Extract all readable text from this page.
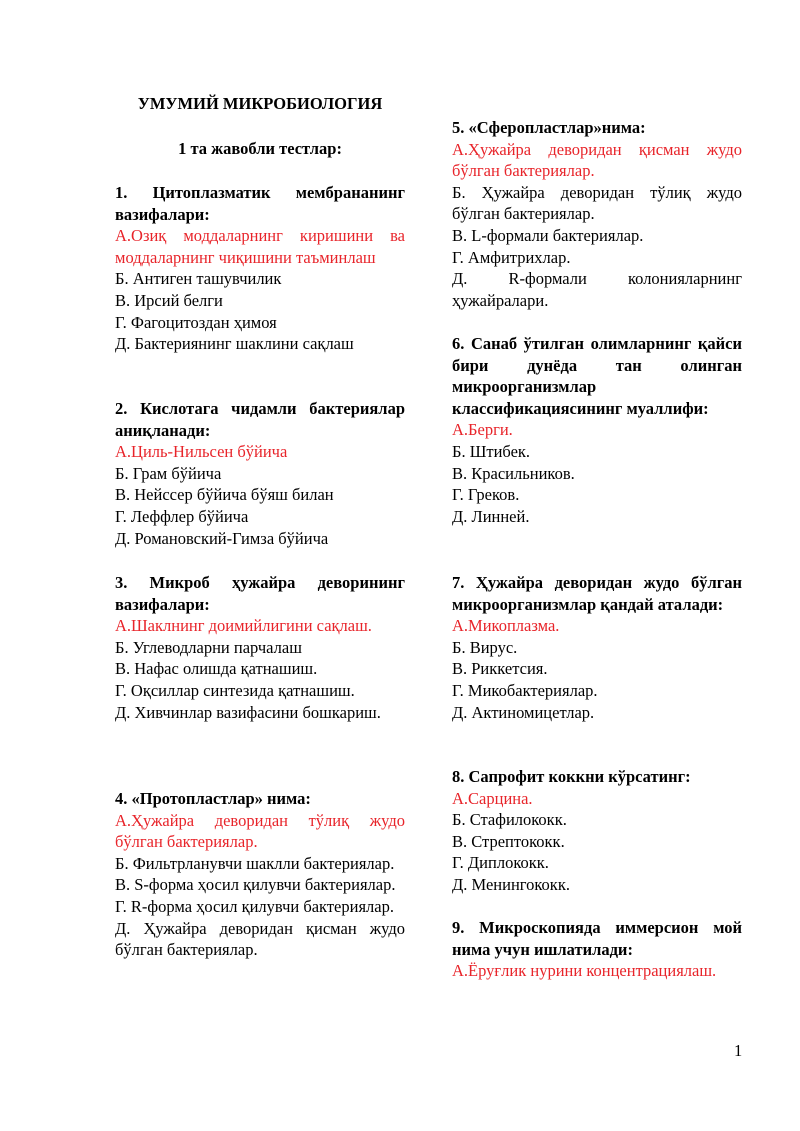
УМУМИЙ МИКРОБИОЛОГИЯ
1 та жавобли тестлар:
1. Цитоплазматик мембрананинг вазифалари:
А.Озиқ моддаларнинг киришини ва моддаларнинг чиқишини таъминлаш
Б. Антиген ташувчилик
В. Ирсий белги
Г. Фагоцитоздан ҳимоя
Д. Бактериянинг шаклини сақлаш
2. Кислотага чидамли бактериялар аниқланади:
А.Циль-Нильсен бўйича
Б. Грам бўйича
В. Нейссер бўйича бўяш билан
Г. Леффлер бўйича
Д. Романовский-Гимза бўйича
3. Микроб ҳужайра деворининг вазифалари:
А.Шаклнинг доимийлигини сақлаш.
Б. Углеводларни парчалаш
В. Нафас олишда қатнашиш.
Г. Оқсиллар синтезида қатнашиш.
Д. Хивчинлар вазифасини бошкариш.
4. «Протопластлар» нима:
А.Ҳужайра деворидан тўлиқ жудо бўлган бактериялар.
Б. Фильтрланувчи шаклли бактериялар.
В. S-форма ҳосил қилувчи бактериялар.
Г. R-форма ҳосил қилувчи бактериялар.
Д. Ҳужайра деворидан қисман жудо бўлган бактериялар.
5. «Сферопластлар»нима:
А.Ҳужайра деворидан қисман жудо бўлган бактериялар.
Б. Ҳужайра деворидан тўлиқ жудо бўлган бактериялар.
В. L-формали бактериялар.
Г. Амфитрихлар.
Д. R-формали колонияларнинг ҳужайралари.
6. Санаб ўтилган олимларнинг қайси бири дунёда тан олинган микроорганизмлар классификациясининг муаллифи:
А.Берги.
Б. Штибек.
В. Красильников.
Г. Греков.
Д. Линней.
7. Ҳужайра деворидан жудо бўлган микроорганизмлар қандай аталади:
А.Микоплазма.
Б. Вирус.
В. Риккетсия.
Г. Микобактериялар.
Д. Актиномицетлар.
8. Сапрофит коккни кўрсатинг:
А.Сарцина.
Б. Стафилококк.
В. Стрептококк.
Г. Диплококк.
Д. Менингококк.
9. Микроскопияда иммерсион мой нима учун ишлатилади:
А.Ёруғлик нурини концентрациялаш.
1
